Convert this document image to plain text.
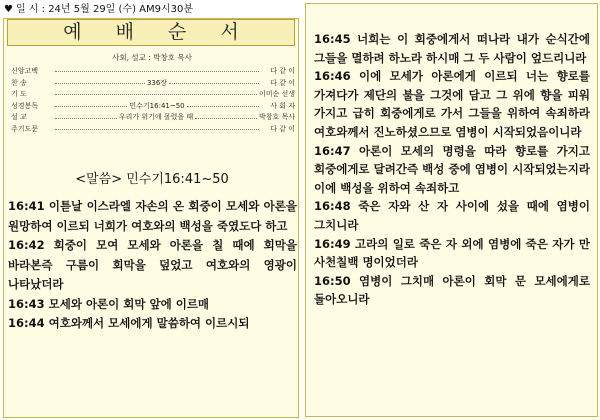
♥ 일 시 : 24년 5월 29일 (수) AM9시30분
예 배 순 서
사회, 설교 : 박창호 목사
신앙고백	다 같 이
찬 송	336장	다 같 이
기 도	이미순 선생
성경봉독	민수기16:41~50	사 회 자
설 교	우리가 위기에 몰렸을 때	박창호 목사
주기도문	다 같 이
<말씀> 민수기16:41~50

16:41 이튿날 이스라엘 자손의 온 회중이 모세와 아론을 원망하여 이르되 너희가 여호와의 백성을 죽였도다 하고

16:42 회중이 모여 모세와 아론을 칠 때에 회막을 바라본즉 구름이 회막을 덮었고 여호와의 영광이 나타났더라

16:43 모세와 아론이 회막 앞에 이르매

16:44 여호와께서 모세에게 말씀하여 이르시되

16:45 너희는 이 회중에게서 떠나라 내가 순식간에 그들을 멸하려 하노라 하시매 그 두 사람이 엎드리니라

16:46 이에 모세가 아론에게 이르되 너는 향로를 가져다가 제단의 불을 그것에 담고 그 위에 향을 피워 가지고 급히 회중에게로 가서 그들을 위하여 속죄하라 여호와께서 진노하셨으므로 염병이 시작되었음이니라

16:47 아론이 모세의 명령을 따라 향로를 가지고 회중에게로 달려간즉 백성 중에 염병이 시작되었는지라 이에 백성을 위하여 속죄하고

16:48 죽은 자와 산 자 사이에 섰을 때에 염병이 그치니라

16:49 고라의 일로 죽은 자 외에 염병에 죽은 자가 만 사천칠백 명이었더라

16:50 염병이 그치매 아론이 회막 문 모세에게로 돌아오니라
